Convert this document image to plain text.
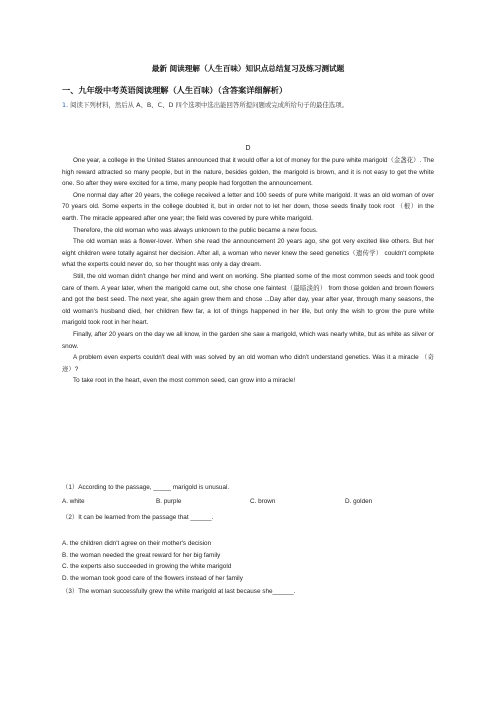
最新 阅读理解（人生百味）知识点总结复习及练习测试题
一、九年级中考英语阅读理解（人生百味）（含答案详细解析）
1. 阅读下列材料，然后从 A、B、C、D 四个选项中选出能回答所提问题或完成所给句子的最佳选项。
D

One year, a college in the United States announced that it would offer a lot of money for the pure white marigold（金盏花）. The high reward attracted so many people, but in the nature, besides golden, the marigold is brown, and it is not easy to get the white one. So after they were excited for a time, many people had forgotten the announcement.

One normal day after 20 years, the college received a letter and 100 seeds of pure white marigold. It was an old woman of over 70 years old. Some experts in the college doubted it, but in order not to let her down, those seeds finally took root （根）in the earth. The miracle appeared after one year; the field was covered by pure white marigold.

Therefore, the old woman who was always unknown to the public became a new focus.

The old woman was a flower-lover. When she read the announcement 20 years ago, she got very excited like others. But her eight children were totally against her decision. After all, a woman who never knew the seed genetics（遗传学） couldn't complete what the experts could never do, so her thought was only a day dream.

Still, the old woman didn't change her mind and went on working. She planted some of the most common seeds and took good care of them. A year later, when the marigold came out, she chose one faintest（最暗淡的） from those golden and brown flowers and got the best seed. The next year, she again grew them and chose ...Day after day, year after year, through many seasons, the old woman's husband died, her children flew far, a lot of things happened in her life, but only the wish to grow the pure white marigold took root in her heart.

Finally, after 20 years on the day we all know, in the garden she saw a marigold, which was nearly white, but as white as silver or snow.

A problem even experts couldn't deal with was solved by an old woman who didn't understand genetics. Was it a miracle （奇迹）?

To take root in the heart, even the most common seed, can grow into a miracle!

（1）According to the passage, _____ marigold is unusual.
A. white	B. purple	C. brown	D. golden
（2）It can be learned from the passage that ______.
A. the children didn't agree on their mother's decision
B. the woman needed the great reward for her big family
C. the experts also succeeded in growing the white marigold
D. the woman took good care of the flowers instead of her family
（3）The woman successfully grew the white marigold at last because she______.
